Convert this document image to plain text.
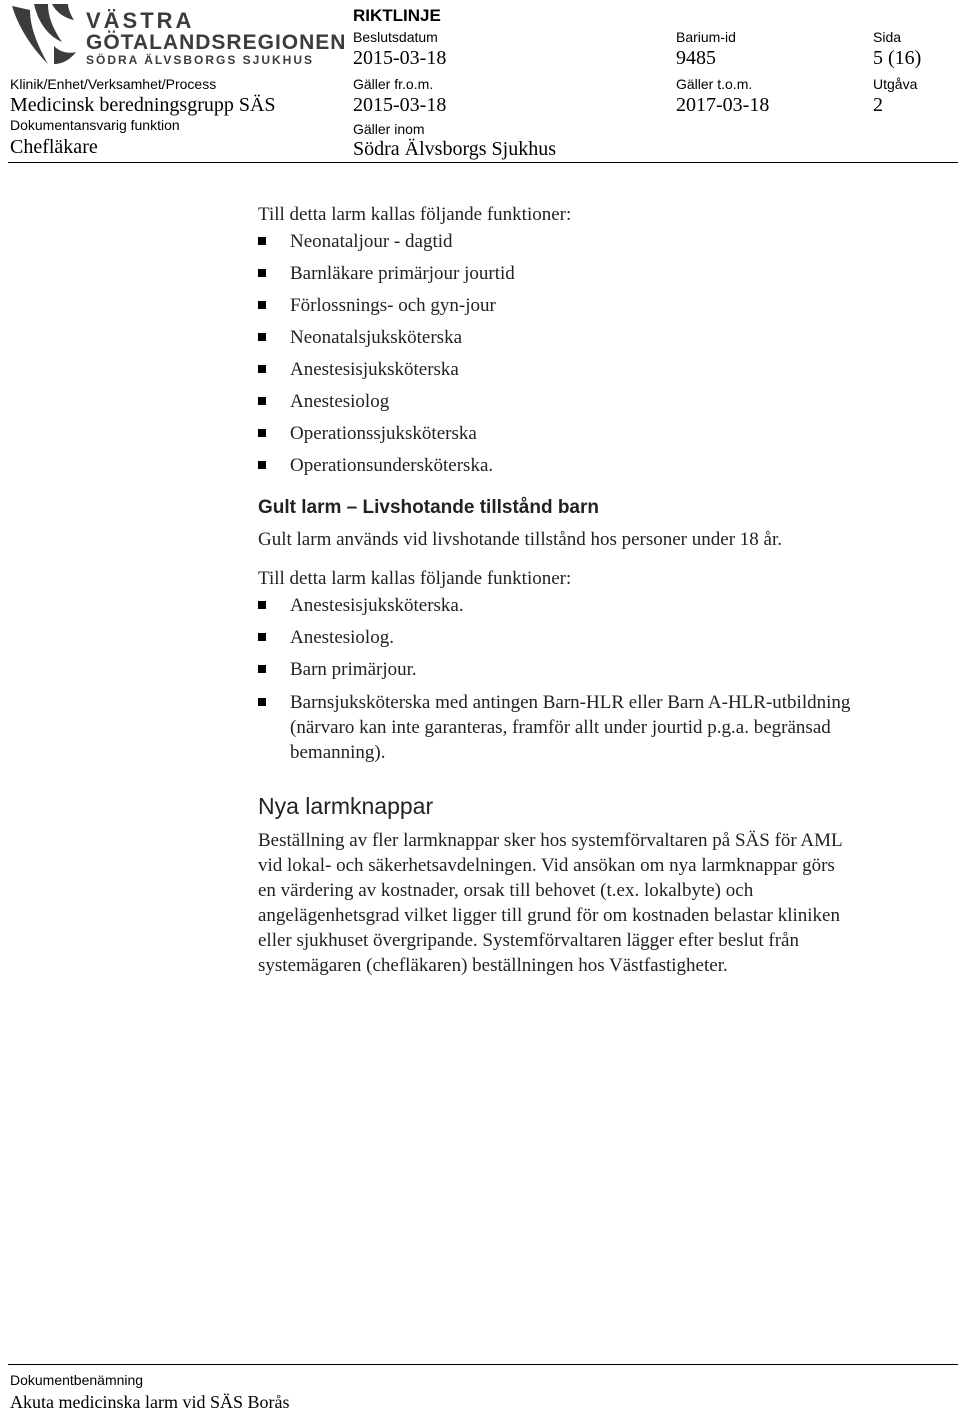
VÄSTRA
GÖTALANDSREGIONEN
SÖDRA ÄLVSBORGS SJUKHUS
RIKTLINJE
Beslutsdatum
2015-03-18
Barium-id
9485
Sida
5 (16)
Klinik/Enhet/Verksamhet/Process
Medicinsk beredningsgrupp SÄS
Gäller fr.o.m.
2015-03-18
Gäller t.o.m.
2017-03-18
Utgåva
2
Dokumentansvarig funktion
Chefläkare
Gäller inom
Södra Älvsborgs Sjukhus
Till detta larm kallas följande funktioner:
Neonataljour - dagtid
Barnläkare primärjour jourtid
Förlossnings- och gyn-jour
Neonatalsjuksköterska
Anestesisjuksköterska
Anestesiolog
Operationssjuksköterska
Operationsundersköterska.
Gult larm – Livshotande tillstånd barn
Gult larm används vid livshotande tillstånd hos personer under 18 år.
Till detta larm kallas följande funktioner:
Anestesisjuksköterska.
Anestesiolog.
Barn primärjour.
Barnsjuksköterska med antingen Barn-HLR eller Barn A-HLR-utbildning
(närvaro kan inte garanteras, framför allt under jourtid p.g.a. begränsad
bemanning).
Nya larmknappar
Beställning av fler larmknappar sker hos systemförvaltaren på SÄS för AML
vid lokal- och säkerhetsavdelningen. Vid ansökan om nya larmknappar görs
en värdering av kostnader, orsak till behovet (t.ex. lokalbyte) och
angelägenhetsgrad vilket ligger till grund för om kostnaden belastar kliniken
eller sjukhuset övergripande. Systemförvaltaren lägger efter beslut från
systemägaren (chefläkaren) beställningen hos Västfastigheter.
Dokumentbenämning
Akuta medicinska larm vid SÄS Borås
